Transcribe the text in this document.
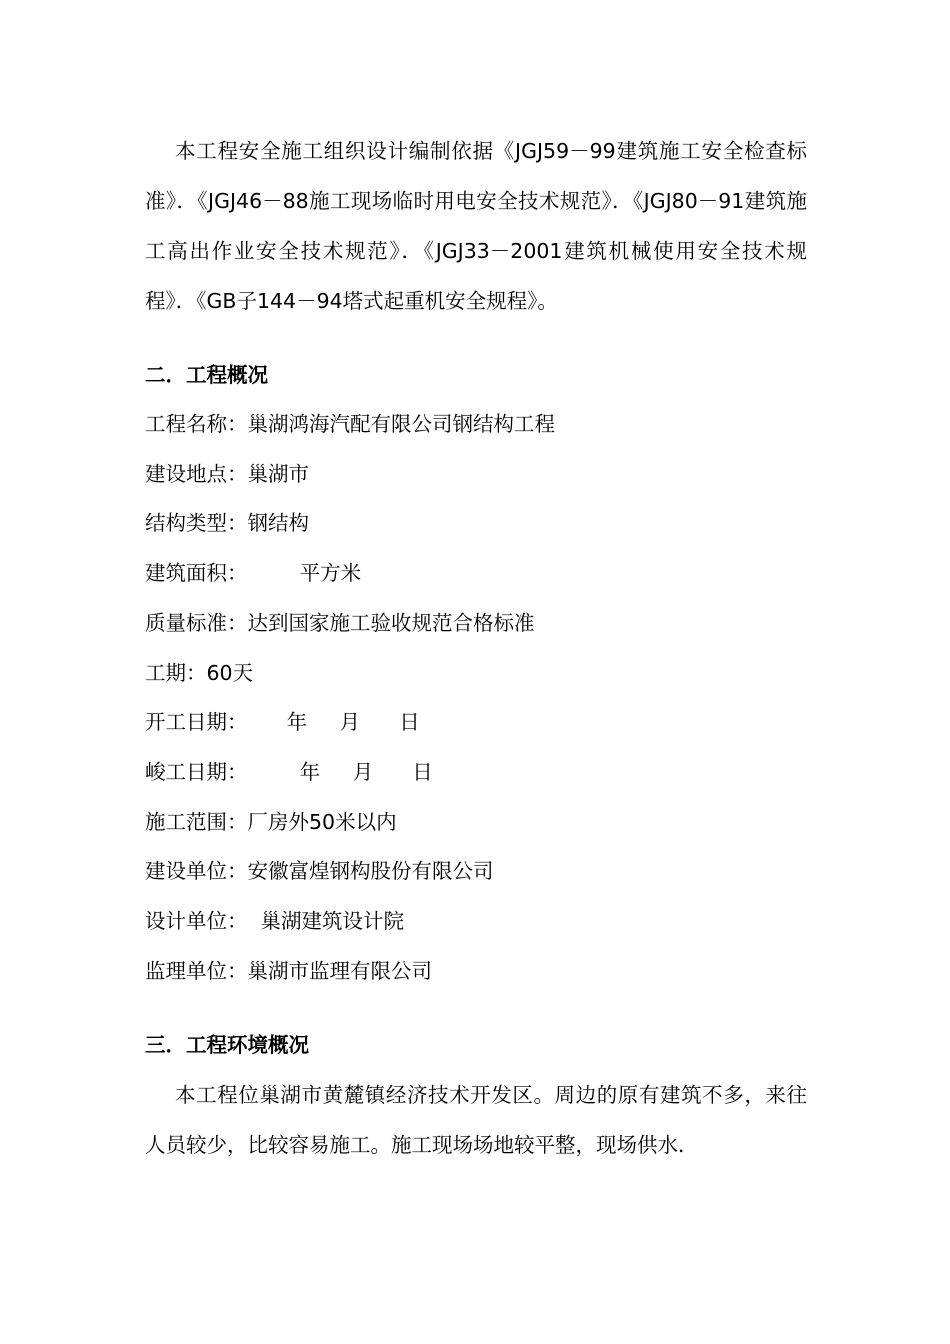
本工程安全施工组织设计编制依据《JGJ59－99建筑施工安全检查标准》．《JGJ46－88施工现场临时用电安全技术规范》．《JGJ80－91建筑施工高出作业安全技术规范》．《JGJ33－2001建筑机械使用安全技术规程》．《GB子144－94塔式起重机安全规程》。

二．工程概况

工程名称：巢湖鸿海汽配有限公司钢结构工程

建设地点：巢湖市

结构类型：钢结构

建筑面积：        平方米

质量标准：达到国家施工验收规范合格标准

工期：60天

开工日期：      年     月      日

峻工日期：        年     月      日

施工范围：厂房外50米以内

建设单位：安徽富煌钢构股份有限公司

设计单位：  巢湖建筑设计院

监理单位：巢湖市监理有限公司

三．工程环境概况

本工程位巢湖市黄麓镇经济技术开发区。周边的原有建筑不多，来往人员较少，比较容易施工。施工现场场地较平整，现场供水．
